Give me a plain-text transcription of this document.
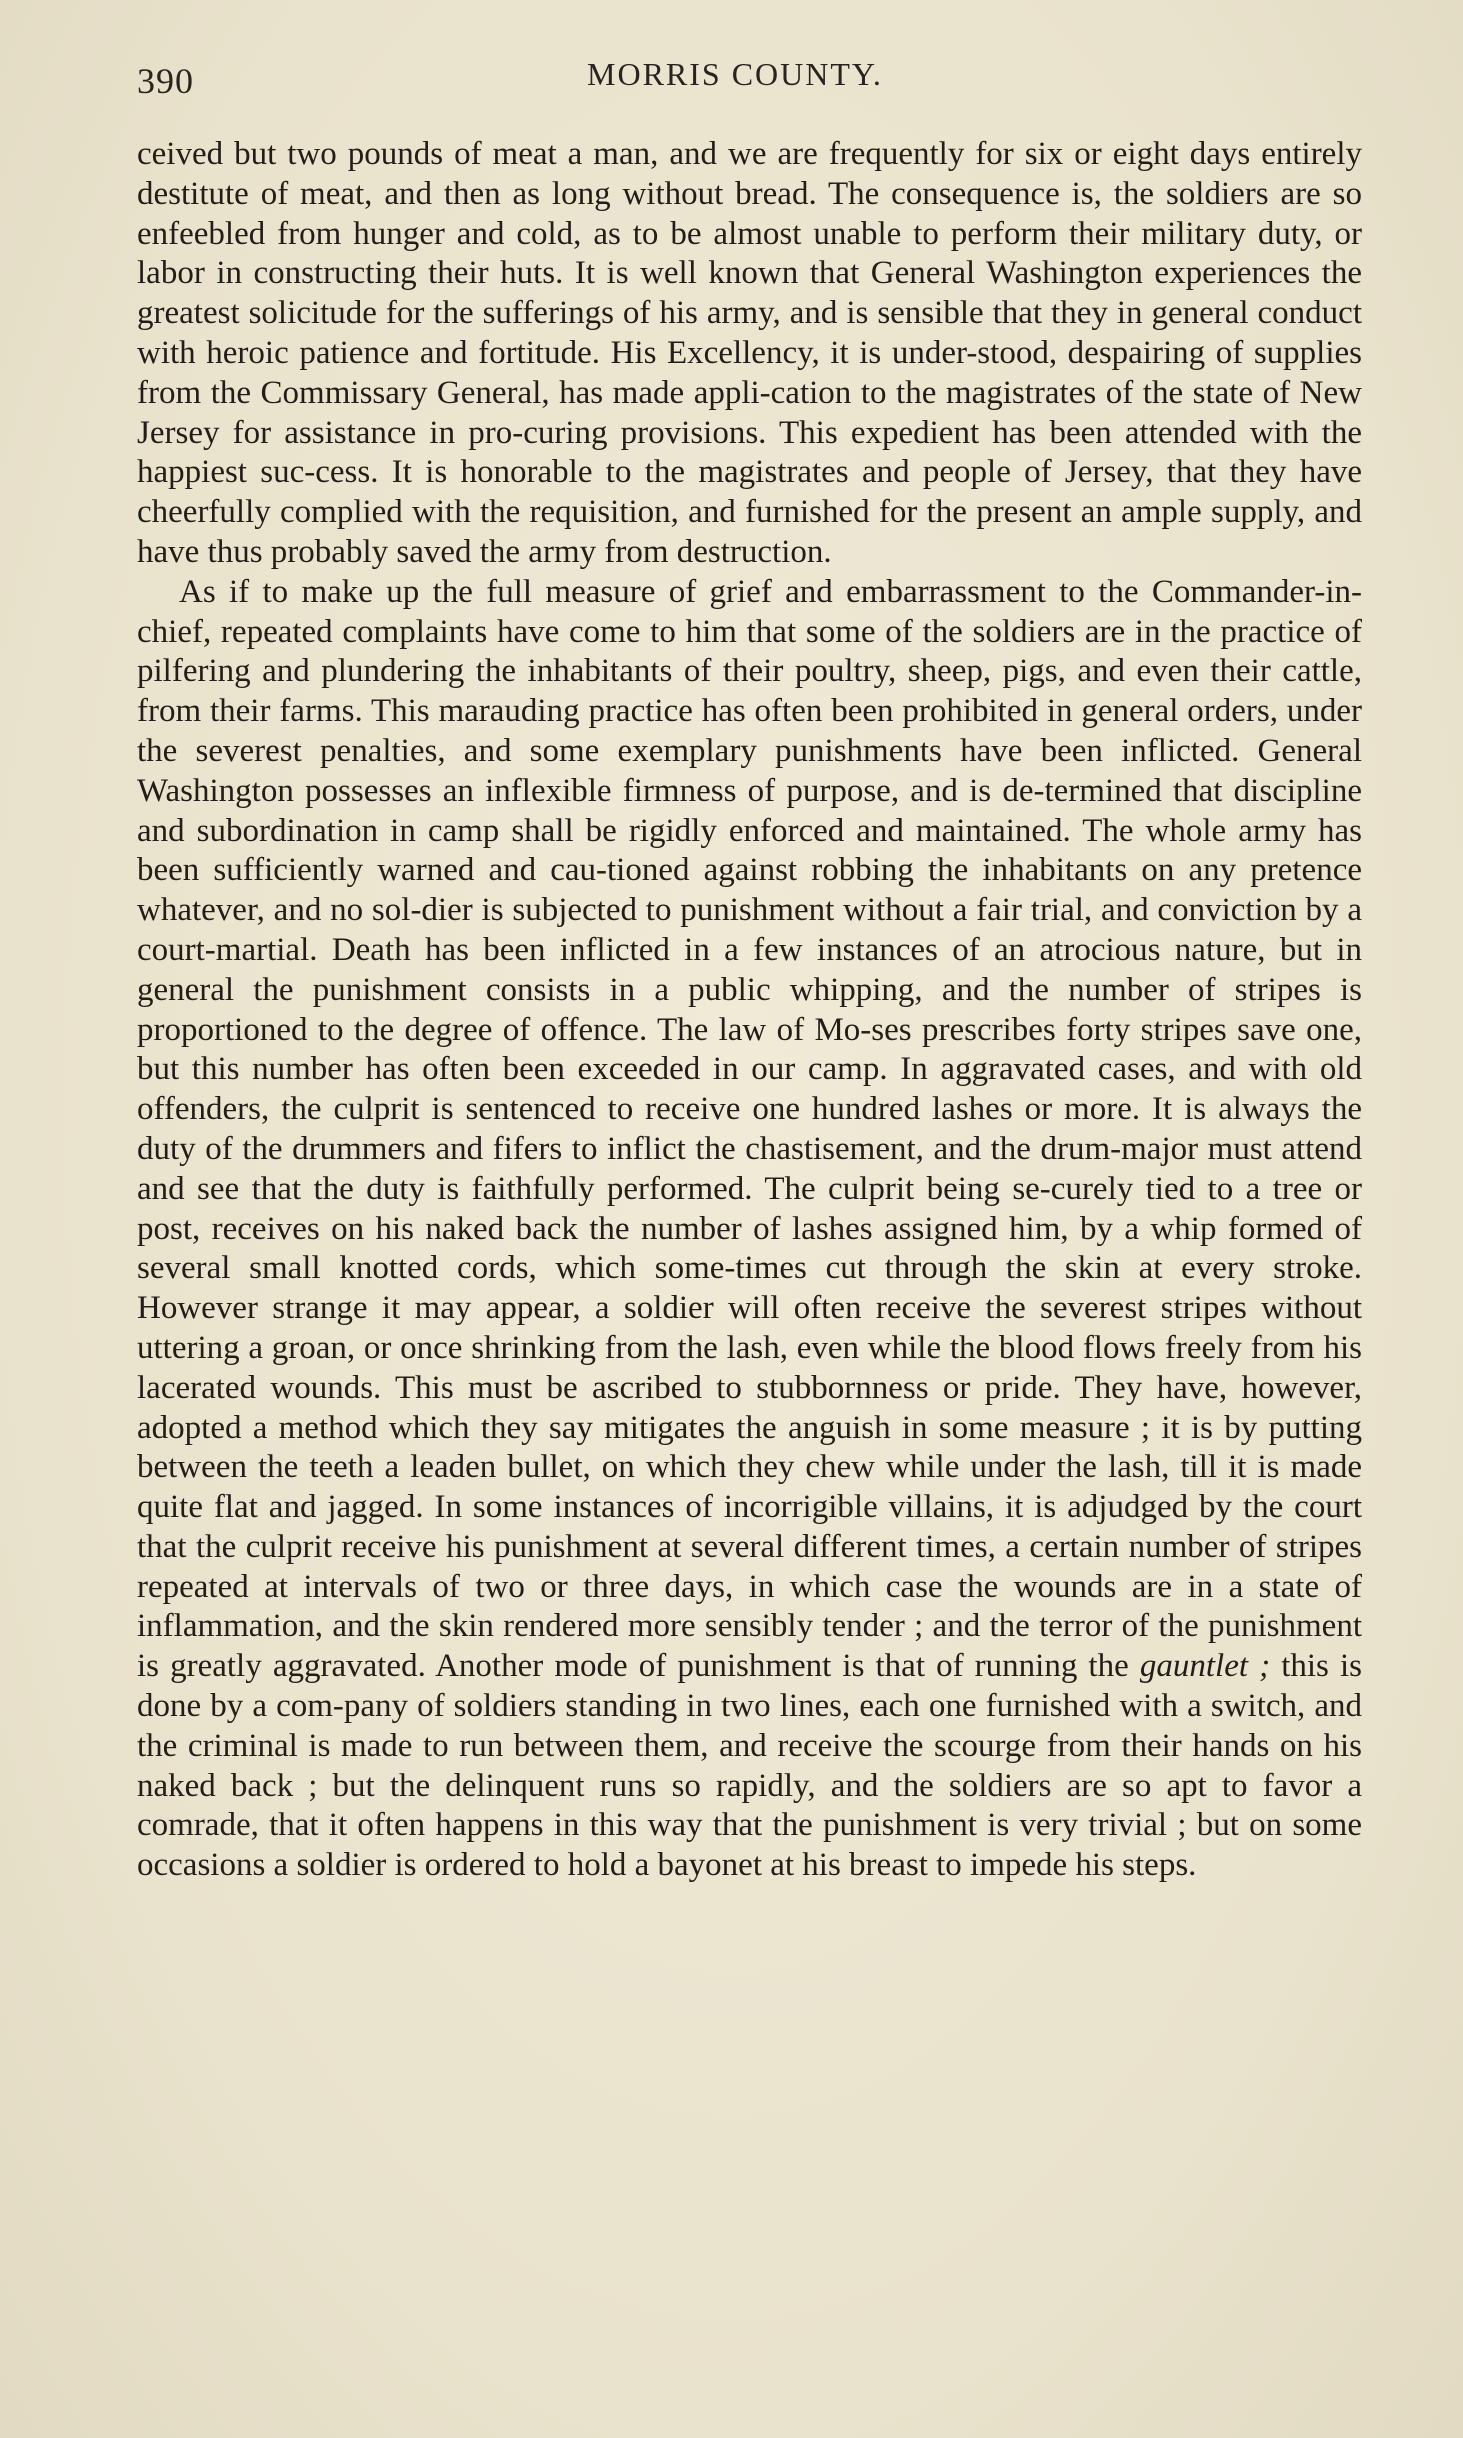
390	MORRIS COUNTY.

ceived but two pounds of meat a man, and we are frequently for six or eight days entirely destitute of meat, and then as long without bread. The consequence is, the soldiers are so enfeebled from hunger and cold, as to be almost unable to perform their military duty, or labor in constructing their huts. It is well known that General Washington experiences the greatest solicitude for the sufferings of his army, and is sensible that they in general conduct with heroic patience and fortitude. His Excellency, it is under-stood, despairing of supplies from the Commissary General, has made appli-cation to the magistrates of the state of New Jersey for assistance in pro-curing provisions. This expedient has been attended with the happiest suc-cess. It is honorable to the magistrates and people of Jersey, that they have cheerfully complied with the requisition, and furnished for the present an ample supply, and have thus probably saved the army from destruction.

As if to make up the full measure of grief and embarrassment to the Commander-in-chief, repeated complaints have come to him that some of the soldiers are in the practice of pilfering and plundering the inhabitants of their poultry, sheep, pigs, and even their cattle, from their farms. This marauding practice has often been prohibited in general orders, under the severest penalties, and some exemplary punishments have been inflicted. General Washington possesses an inflexible firmness of purpose, and is de-termined that discipline and subordination in camp shall be rigidly enforced and maintained. The whole army has been sufficiently warned and cau-tioned against robbing the inhabitants on any pretence whatever, and no sol-dier is subjected to punishment without a fair trial, and conviction by a court-martial. Death has been inflicted in a few instances of an atrocious nature, but in general the punishment consists in a public whipping, and the number of stripes is proportioned to the degree of offence. The law of Mo-ses prescribes forty stripes save one, but this number has often been exceeded in our camp. In aggravated cases, and with old offenders, the culprit is sentenced to receive one hundred lashes or more. It is always the duty of the drummers and fifers to inflict the chastisement, and the drum-major must attend and see that the duty is faithfully performed. The culprit being se-curely tied to a tree or post, receives on his naked back the number of lashes assigned him, by a whip formed of several small knotted cords, which some-times cut through the skin at every stroke. However strange it may appear, a soldier will often receive the severest stripes without uttering a groan, or once shrinking from the lash, even while the blood flows freely from his lacerated wounds. This must be ascribed to stubbornness or pride. They have, however, adopted a method which they say mitigates the anguish in some measure ; it is by putting between the teeth a leaden bullet, on which they chew while under the lash, till it is made quite flat and jagged. In some instances of incorrigible villains, it is adjudged by the court that the culprit receive his punishment at several different times, a certain number of stripes repeated at intervals of two or three days, in which case the wounds are in a state of inflammation, and the skin rendered more sensibly tender ; and the terror of the punishment is greatly aggravated. Another mode of punishment is that of running the gauntlet ; this is done by a com-pany of soldiers standing in two lines, each one furnished with a switch, and the criminal is made to run between them, and receive the scourge from their hands on his naked back ; but the delinquent runs so rapidly, and the soldiers are so apt to favor a comrade, that it often happens in this way that the punishment is very trivial ; but on some occasions a soldier is ordered to hold a bayonet at his breast to impede his steps.
